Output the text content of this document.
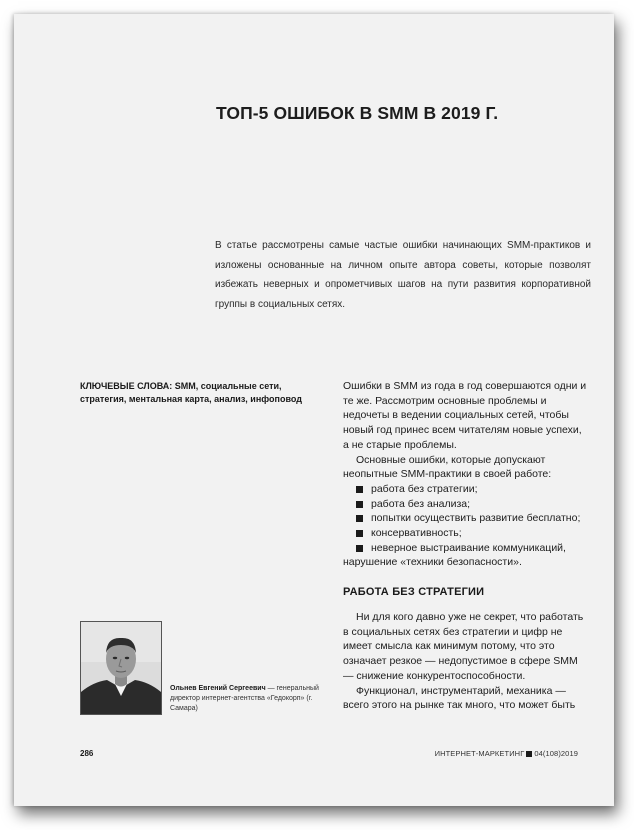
ТОП-5 ОШИБОК В SMM В 2019 Г.

В статье рассмотрены самые частые ошибки начинающих SMM-практиков и изложены основанные на личном опыте автора советы, которые позволят избежать неверных и опрометчивых шагов на пути развития корпоративной группы в социальных сетях.

КЛЮЧЕВЫЕ СЛОВА: SMM, социальные сети, стратегия, ментальная карта, анализ, инфоповод

Ошибки в SMM из года в год совершаются одни и те же. Рассмотрим основные проблемы и недочеты в ведении социальных сетей, чтобы новый год принес всем читателям новые успехи, а не старые проблемы.

Основные ошибки, которые допускают неопытные SMM-практики в своей работе:

работа без стратегии;
работа без анализа;
попытки осуществить развитие бесплатно;
консервативность;
неверное выстраивание коммуникаций, нарушение «техники безопасности».
РАБОТА БЕЗ СТРАТЕГИИ

Ни для кого давно уже не секрет, что работать в социальных сетях без стратегии и цифр не имеет смысла как минимум потому, что это означает резкое — недопустимое в сфере SMM — снижение конкурентоспособности.

Функционал, инструментарий, механика — всего этого на рынке так много, что может быть

Ольнев Евгений Сергеевич — генеральный директор интернет-агентства «Гедокорп» (г. Самара)

286	ИНТЕРНЕТ-МАРКЕТИНГ 04(108)2019
